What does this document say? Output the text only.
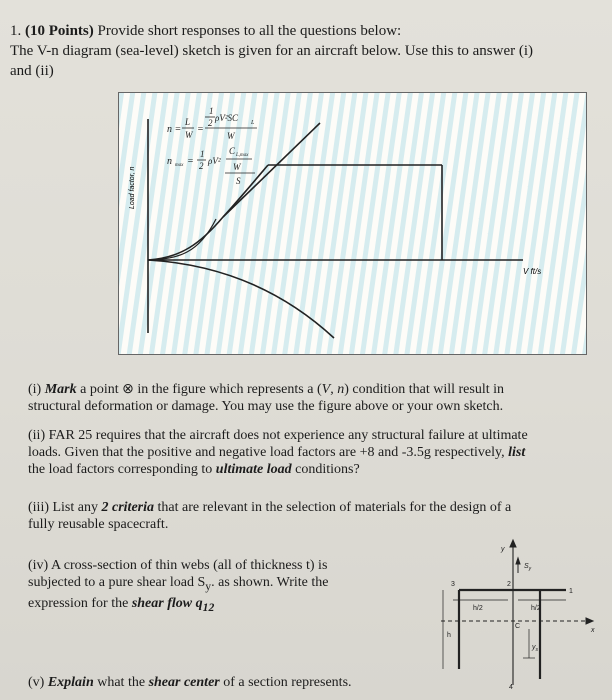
1. (10 Points) Provide short responses to all the questions below:
The V-n diagram (sea-level) sketch is given for an aircraft below. Use this to answer (i)
and (ii)
V ft/s
Load factor, n
n =
L
W =
1
2 ρV²SC L
W
n max =
1
2 ρV²
C L,max
W
S
(i) Mark a point ⊗ in the figure which represents a (V, n) condition that will result in
structural deformation or damage. You may use the figure above or your own sketch.
(ii) FAR 25 requires that the aircraft does not experience any structural failure at ultimate
loads. Given that the positive and negative load factors are +8 and -3.5g respectively, list
the load factors corresponding to ultimate load conditions?
(iii) List any 2 criteria that are relevant in the selection of materials for the design of a
fully reusable spacecraft.
(iv) A cross-section of thin webs (all of thickness t) is
subjected to a pure shear load $S_y$. as shown. Write the
expression for the shear flow $q_{12}$
(v) Explain what the shear center of a section represents.
y
$S_y$
2
1
3
h/2	h/2
C
h
x
$y_s$
4
